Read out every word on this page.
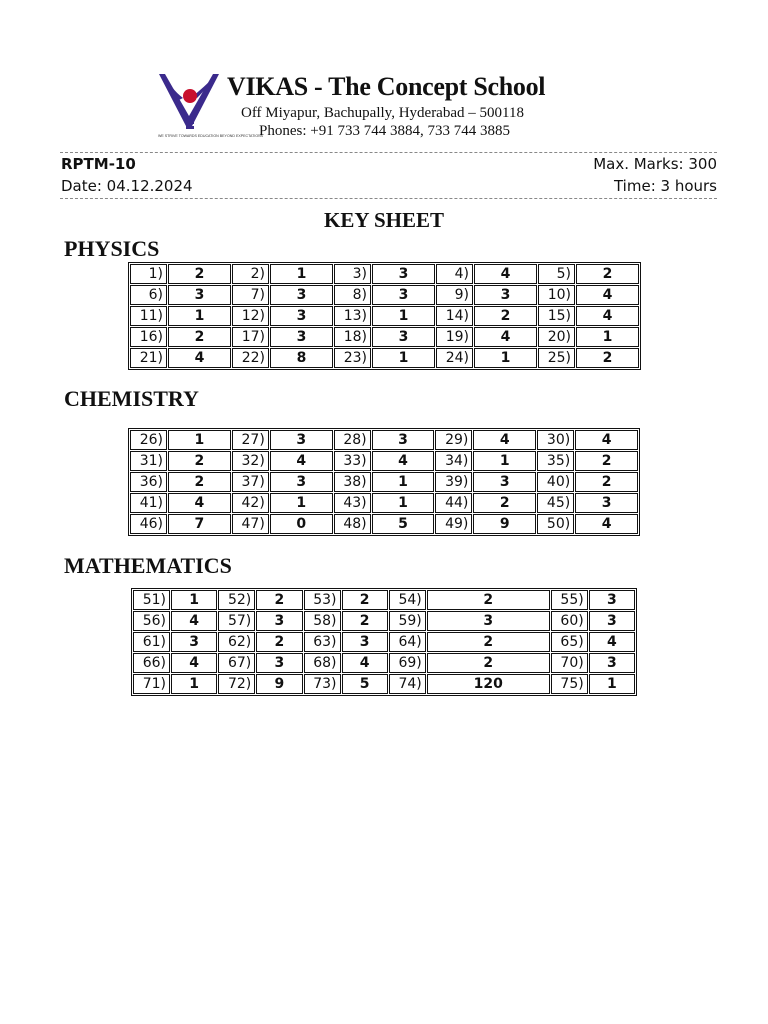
WE STRIVE TOWARDS EDUCATION BEYOND EXPECTATIONS
VIKAS - The Concept School
Off Miyapur, Bachupally, Hyderabad – 500118
Phones: +91 733 744 3884, 733 744 3885
RPTM-10	Max. Marks: 300
Date: 04.12.2024	Time: 3 hours
KEY SHEET
PHYSICS
1)	2	2)	1	3)	3	4)	4	5)	2
6)	3	7)	3	8)	3	9)	3	10)	4
11)	1	12)	3	13)	1	14)	2	15)	4
16)	2	17)	3	18)	3	19)	4	20)	1
21)	4	22)	8	23)	1	24)	1	25)	2
CHEMISTRY
26)	1	27)	3	28)	3	29)	4	30)	4
31)	2	32)	4	33)	4	34)	1	35)	2
36)	2	37)	3	38)	1	39)	3	40)	2
41)	4	42)	1	43)	1	44)	2	45)	3
46)	7	47)	0	48)	5	49)	9	50)	4
MATHEMATICS
51)	1	52)	2	53)	2	54)	2	55)	3
56)	4	57)	3	58)	2	59)	3	60)	3
61)	3	62)	2	63)	3	64)	2	65)	4
66)	4	67)	3	68)	4	69)	2	70)	3
71)	1	72)	9	73)	5	74)	120	75)	1
